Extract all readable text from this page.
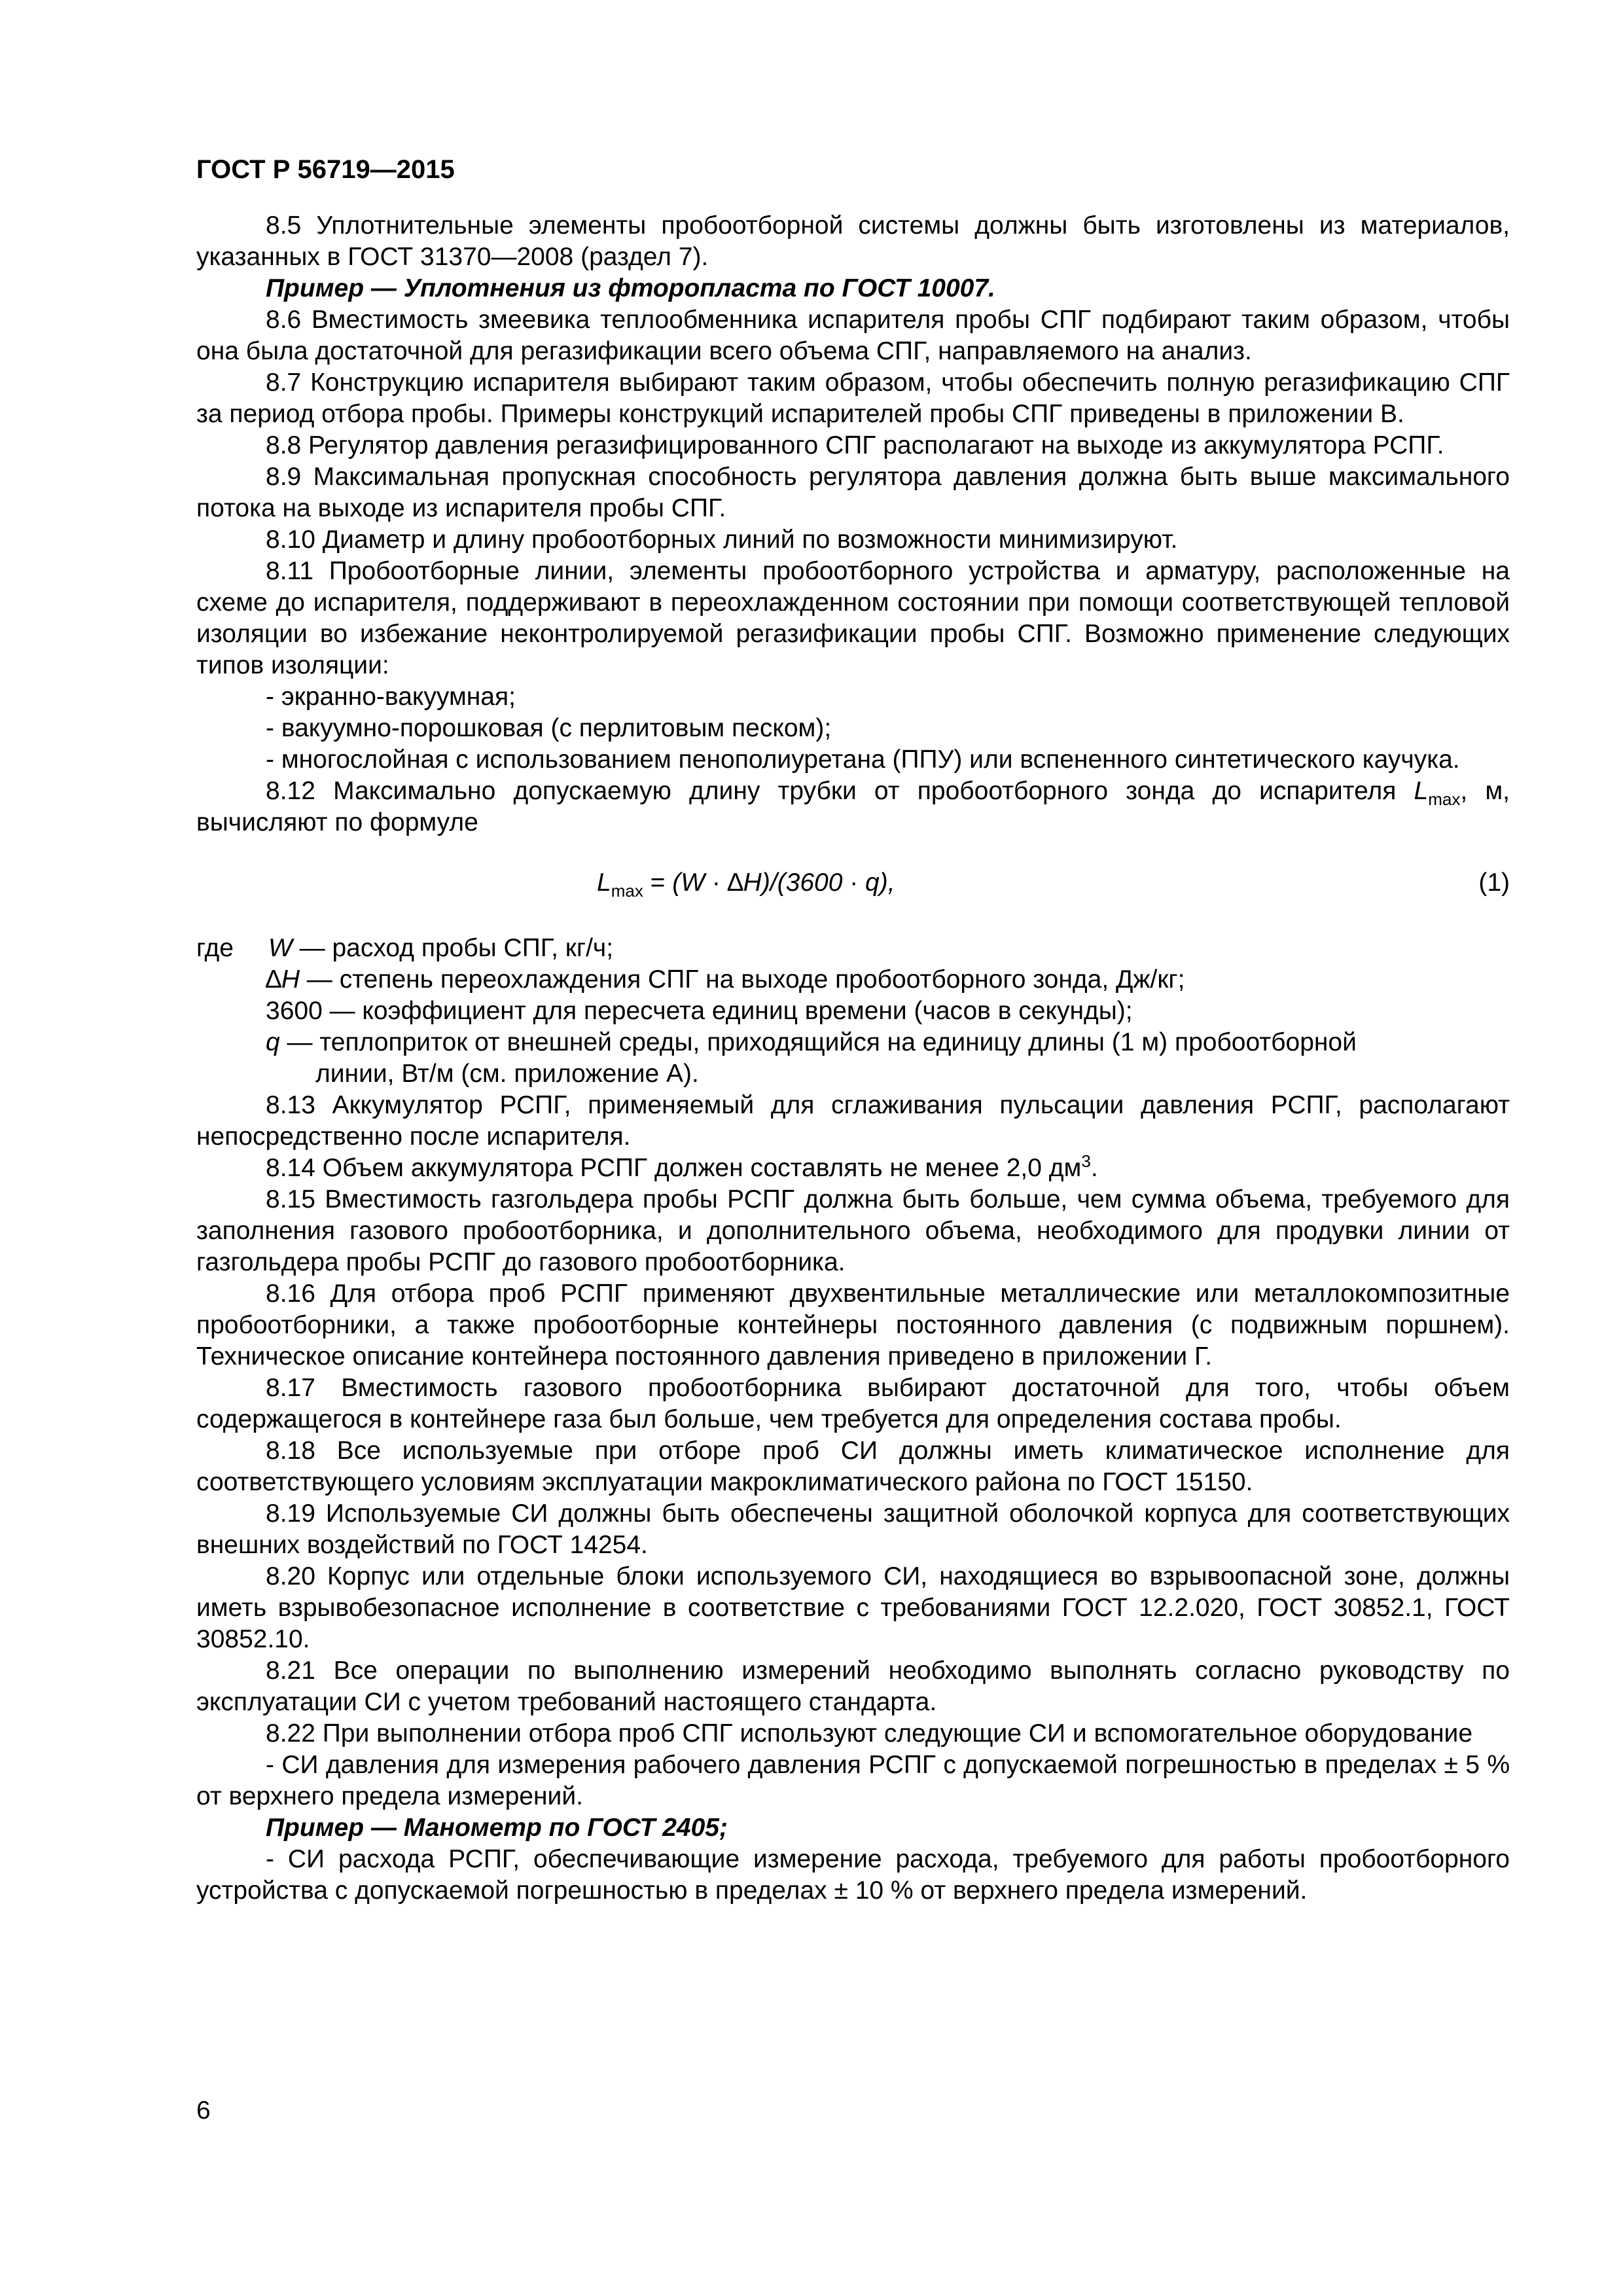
ГОСТ Р 56719—2015

8.5 Уплотнительные элементы пробоотборной системы должны быть изготовлены из материалов, указанных в ГОСТ 31370—2008 (раздел 7).

Пример — Уплотнения из фторопласта по ГОСТ 10007.

8.6 Вместимость змеевика теплообменника испарителя пробы СПГ подбирают таким образом, чтобы она была достаточной для регазификации всего объема СПГ, направляемого на анализ.

8.7 Конструкцию испарителя выбирают таким образом, чтобы обеспечить полную регазификацию СПГ за период отбора пробы. Примеры конструкций испарителей пробы СПГ приведены в приложении В.

8.8 Регулятор давления регазифицированного СПГ располагают на выходе из аккумулятора РСПГ.

8.9 Максимальная пропускная способность регулятора давления должна быть выше максимального потока на выходе из испарителя пробы СПГ.

8.10 Диаметр и длину пробоотборных линий по возможности минимизируют.

8.11 Пробоотборные линии, элементы пробоотборного устройства и арматуру, расположенные на схеме до испарителя, поддерживают в переохлажденном состоянии при помощи соответствующей тепловой изоляции во избежание неконтролируемой регазификации пробы СПГ. Возможно применение следующих типов изоляции:

- экранно-вакуумная;

- вакуумно-порошковая (с перлитовым песком);

- многослойная с использованием пенополиуретана (ППУ) или вспененного синтетического каучука.

8.12 Максимально допускаемую длину трубки от пробоотборного зонда до испарителя $L_{max}$, м, вычисляют по формуле

$L_{max} = (W \cdot \Delta H)/(3600 \cdot q)$,	(1)
где	W — расход пробы СПГ, кг/ч;

∆H — степень переохлаждения СПГ на выходе пробоотборного зонда, Дж/кг;

3600 — коэффициент для пересчета единиц времени (часов в секунды);

q — теплоприток от внешней среды, приходящийся на единицу длины (1 м) пробоотборной

линии, Вт/м (см. приложение А).

8.13 Аккумулятор РСПГ, применяемый для сглаживания пульсации давления РСПГ, располагают непосредственно после испарителя.

8.14 Объем аккумулятора РСПГ должен составлять не менее 2,0 $дм^3$.

8.15 Вместимость газгольдера пробы РСПГ должна быть больше, чем сумма объема, требуемого для заполнения газового пробоотборника, и дополнительного объема, необходимого для продувки линии от газгольдера пробы РСПГ до газового пробоотборника.

8.16 Для отбора проб РСПГ применяют двухвентильные металлические или металлокомпозитные пробоотборники, а также пробоотборные контейнеры постоянного давления (с подвижным поршнем). Техническое описание контейнера постоянного давления приведено в приложении Г.

8.17 Вместимость газового пробоотборника выбирают достаточной для того, чтобы объем содержащегося в контейнере газа был больше, чем требуется для определения состава пробы.

8.18 Все используемые при отборе проб СИ должны иметь климатическое исполнение для соответствующего условиям эксплуатации макроклиматического района по ГОСТ 15150.

8.19 Используемые СИ должны быть обеспечены защитной оболочкой корпуса для соответствующих внешних воздействий по ГОСТ 14254.

8.20 Корпус или отдельные блоки используемого СИ, находящиеся во взрывоопасной зоне, должны иметь взрывобезопасное исполнение в соответствие с требованиями ГОСТ 12.2.020, ГОСТ 30852.1, ГОСТ 30852.10.

8.21 Все операции по выполнению измерений необходимо выполнять согласно руководству по эксплуатации СИ с учетом требований настоящего стандарта.

8.22 При выполнении отбора проб СПГ используют следующие СИ и вспомогательное оборудование

- СИ давления для измерения рабочего давления РСПГ с допускаемой погрешностью в пределах ± 5 % от верхнего предела измерений.

Пример — Манометр по ГОСТ 2405;

- СИ расхода РСПГ, обеспечивающие измерение расхода, требуемого для работы пробоотборного устройства с допускаемой погрешностью в пределах ± 10 % от верхнего предела измерений.

6
